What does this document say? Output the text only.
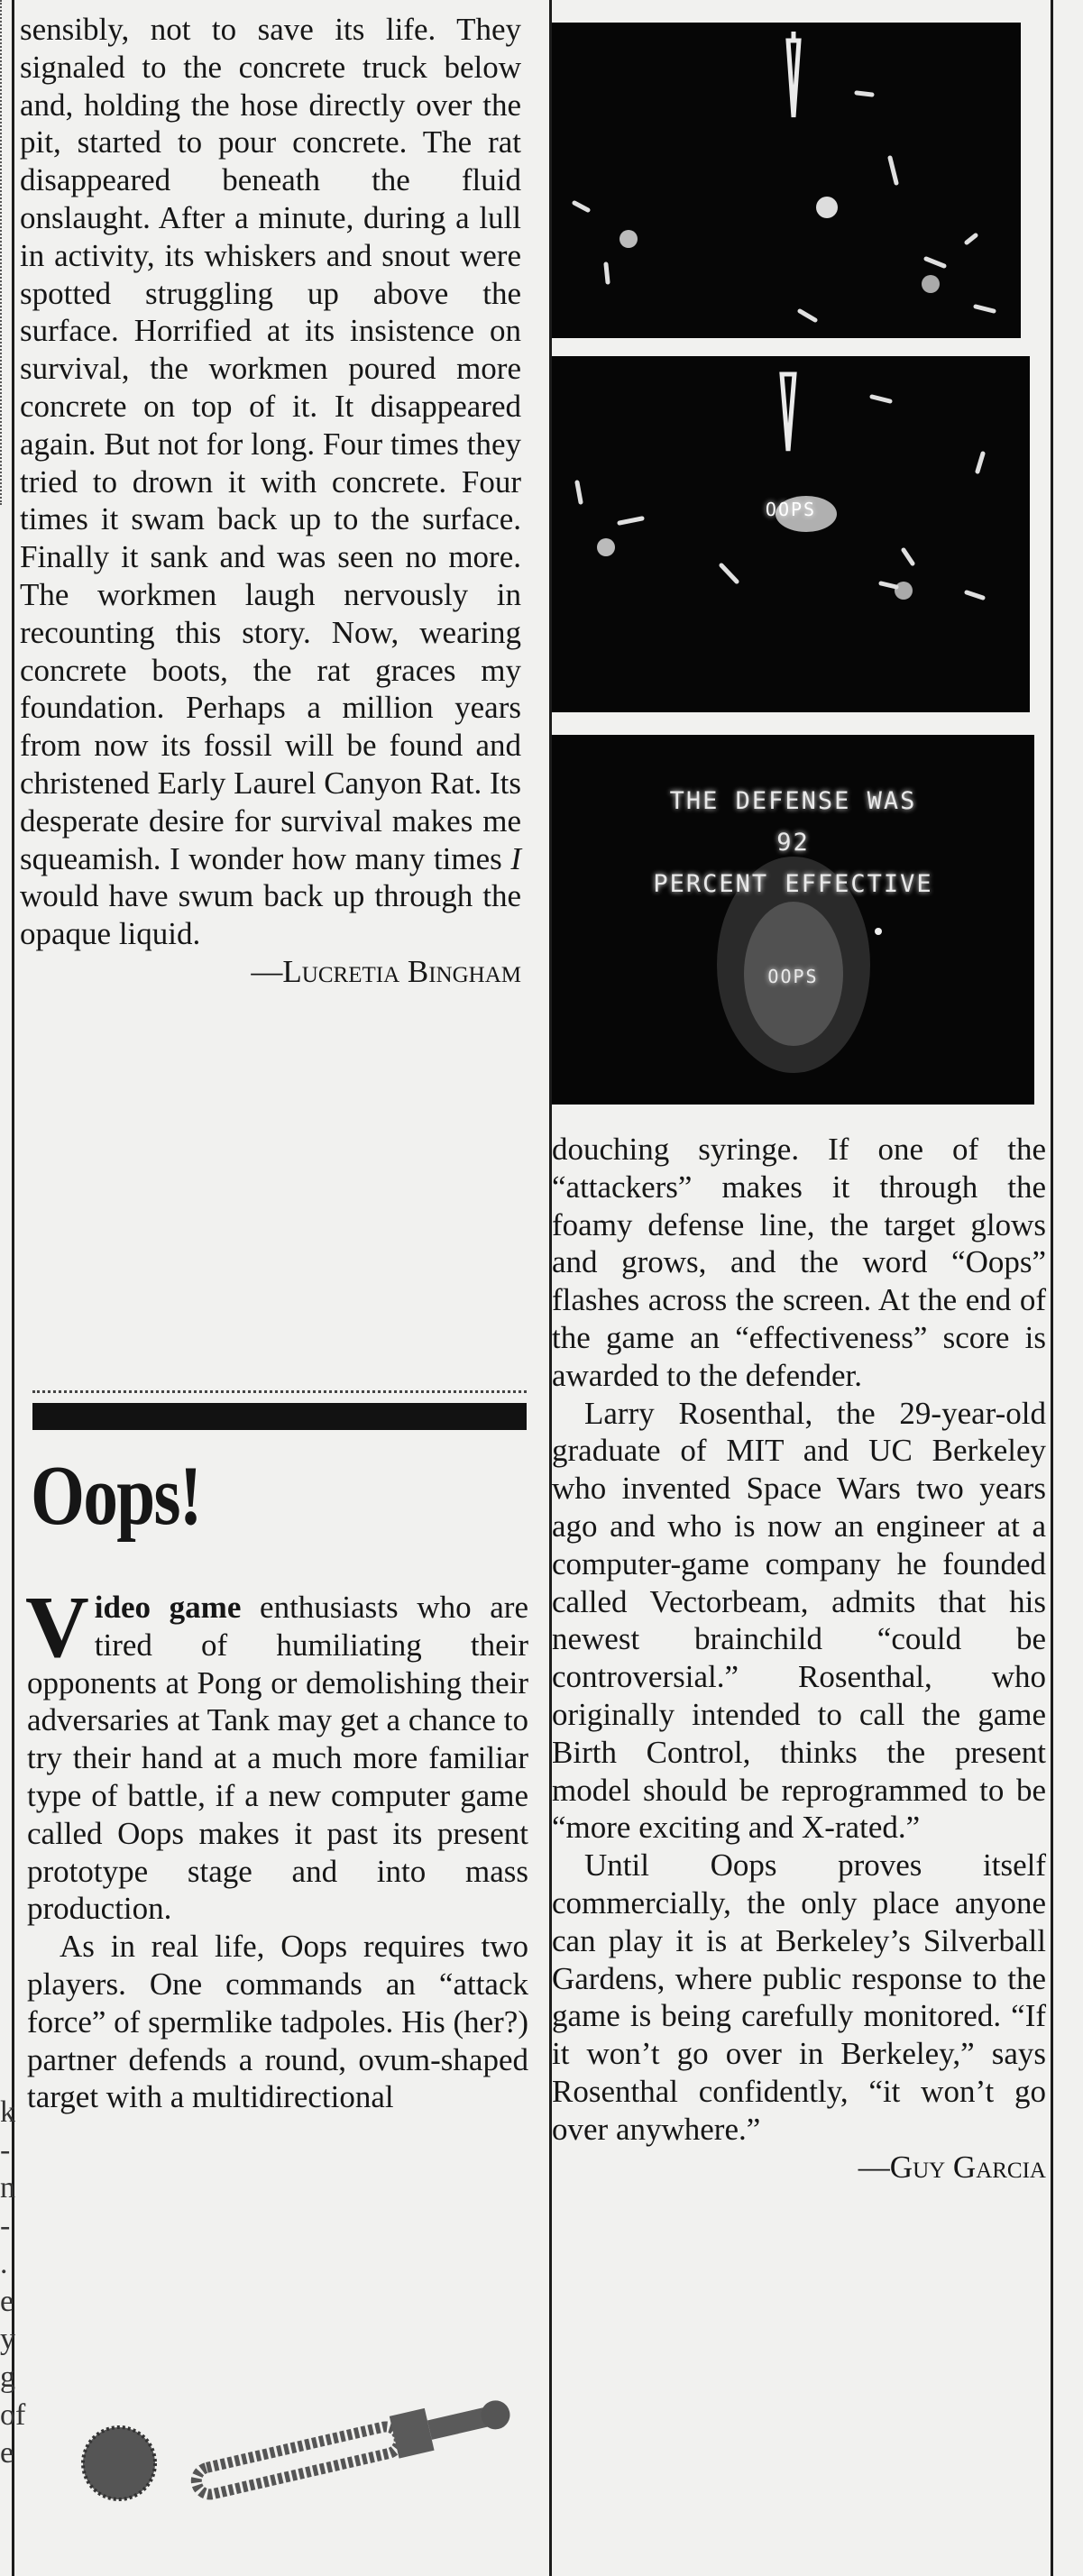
k
-
n
-
.
e
y
g
of
e

sensibly, not to save its life. They signaled to the concrete truck below and, holding the hose directly over the pit, started to pour concrete. The rat disappeared beneath the fluid onslaught. After a minute, during a lull in activity, its whiskers and snout were spotted struggling up above the surface. Horrified at its insistence on survival, the workmen poured more concrete on top of it. It disappeared again. But not for long. Four times they tried to drown it with concrete. Four times it swam back up to the surface. Finally it sank and was seen no more. The workmen laugh nervously in recounting this story. Now, wearing concrete boots, the rat graces my foundation. Perhaps a million years from now its fossil will be found and christened Early Laurel Canyon Rat. Its desperate desire for survival makes me squeamish. I wonder how many times I would have swum back up through the opaque liquid.

—Lucretia Bingham

Oops!

Video game enthusiasts who are tired of humiliating their opponents at Pong or demolishing their adversaries at Tank may get a chance to try their hand at a much more familiar type of battle, if a new computer game called Oops makes it past its present prototype stage and into mass production.

As in real life, Oops requires two players. One commands an “attack force” of spermlike tadpoles. His (her?) partner defends a round, ovum-shaped target with a multidirectional

OOPS
THE DEFENSE WAS
92
PERCENT EFFECTIVE
OOPS

douching syringe. If one of the “attackers” makes it through the foamy defense line, the target glows and grows, and the word “Oops” flashes across the screen. At the end of the game an “effectiveness” score is awarded to the defender.

Larry Rosenthal, the 29-year-old graduate of MIT and UC Berkeley who invented Space Wars two years ago and who is now an engineer at a computer-game company he founded called Vectorbeam, admits that his newest brainchild “could be controversial.” Rosenthal, who originally intended to call the game Birth Control, thinks the present model should be reprogrammed to be “more exciting and X-rated.”

Until Oops proves itself commercially, the only place anyone can play it is at Berkeley’s Silverball Gardens, where public response to the game is being carefully monitored. “If it won’t go over in Berkeley,” says Rosenthal confidently, “it won’t go over anywhere.”

—Guy Garcia
